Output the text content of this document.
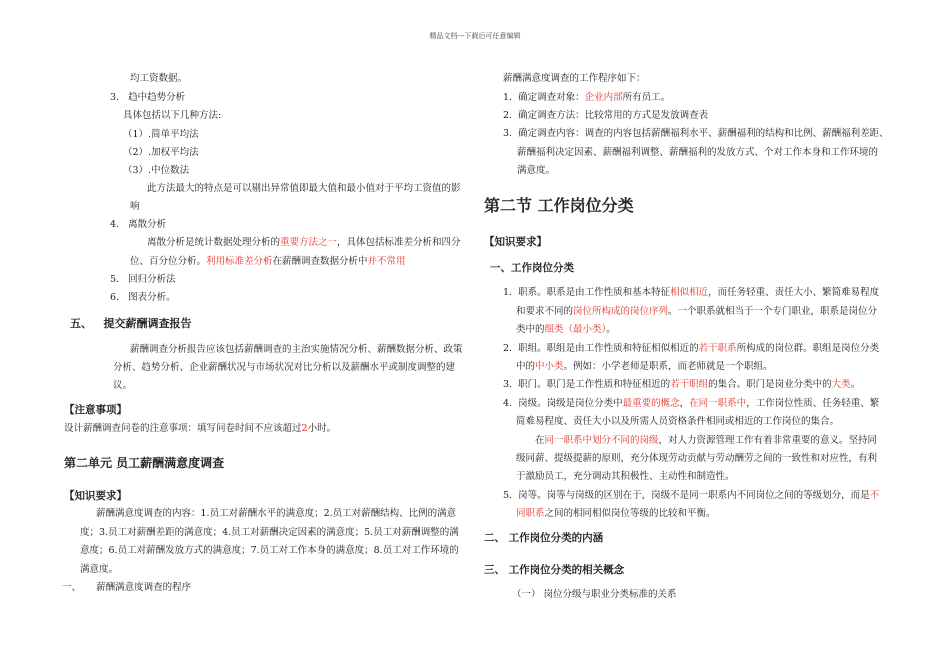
精品文档---下载后可任意编辑
均工资数据。
3. 趋中趋势分析
具体包括以下几种方法:
（1）.简单平均法
（2）.加权平均法
（3）.中位数法
此方法最大的特点是可以剔出异常值即最大值和最小值对于平均工资值的影
响
4. 离散分析
离散分析是统计数据处理分析的重要方法之一，具体包括标准差分析和四分
位、百分位分析。利用标准差分析在薪酬调查数据分析中并不常用
5. 回归分析法
6. 图表分析。
五、 提交薪酬调查报告
薪酬调查分析报告应该包括薪酬调查的主治实施情况分析、薪酬数据分析、政策
分析、趋势分析、企业薪酬状况与市场状况对比分析以及薪酬水平或制度调整的建
议。
【注意事项】
设计薪酬调查问卷的注意事项：填写问卷时间不应该超过2小时。
第二单元 员工薪酬满意度调查
【知识要求】
薪酬满意度调查的内容：1.员工对薪酬水平的满意度；2.员工对薪酬结构、比例的满意
度；3.员工对薪酬差距的满意度；4.员工对薪酬决定因素的满意度；5.员工对薪酬调整的满
意度；6.员工对薪酬发放方式的满意度；7.员工对工作本身的满意度；8.员工对工作环境的
满意度。
一、 薪酬满意度调查的程序
薪酬满意度调查的工作程序如下：
1. 确定调查对象：企业内部所有员工。
2. 确定调查方法：比较常用的方式是发放调查表
3. 确定调查内容：调查的内容包括薪酬福利水平、薪酬福利的结构和比例、薪酬福利差距、
薪酬福利决定因素、薪酬福利调整、薪酬福利的发放方式、个对工作本身和工作环境的
满意度。
第二节 工作岗位分类
【知识要求】
一、工作岗位分类
1. 职系。职系是由工作性质和基本特征相似相近，而任务轻重、责任大小、繁简难易程度
和要求不同的岗位所构成的岗位序列。一个职系就相当于一个专门职业，职系是岗位分
类中的细类（最小类）。
2. 职组。职组是由工作性质和特征相似相近的若干职系所构成的岗位群。职组是岗位分类
中的中小类。例如：小学老师是职系，而老师就是一个职组。
3. 职门。职门是工作性质和特征相近的若干职组的集合。职门是岗业分类中的大类。
4. 岗级。岗级是岗位分类中最重要的概念，在同一职系中，工作岗位性质、任务轻重、繁
简难易程度、责任大小以及所需人员资格条件相同或相近的工作岗位的集合。
在同一职系中划分不同的岗级，对人力资源管理工作有着非常重要的意义。坚持同
级同薪、提级提薪的原则，充分体现劳动贡献与劳动酬劳之间的一致性和对应性，有利
于激励员工，充分调动其积极性、主动性和制造性。
5. 岗等。岗等与岗级的区别在于，岗级不是同一职系内不同岗位之间的等级划分，而是不
同职系之间的相同相似岗位等级的比较和平衡。
二、 工作岗位分类的内涵
三、 工作岗位分类的相关概念
（一） 岗位分级与职业分类标准的关系
